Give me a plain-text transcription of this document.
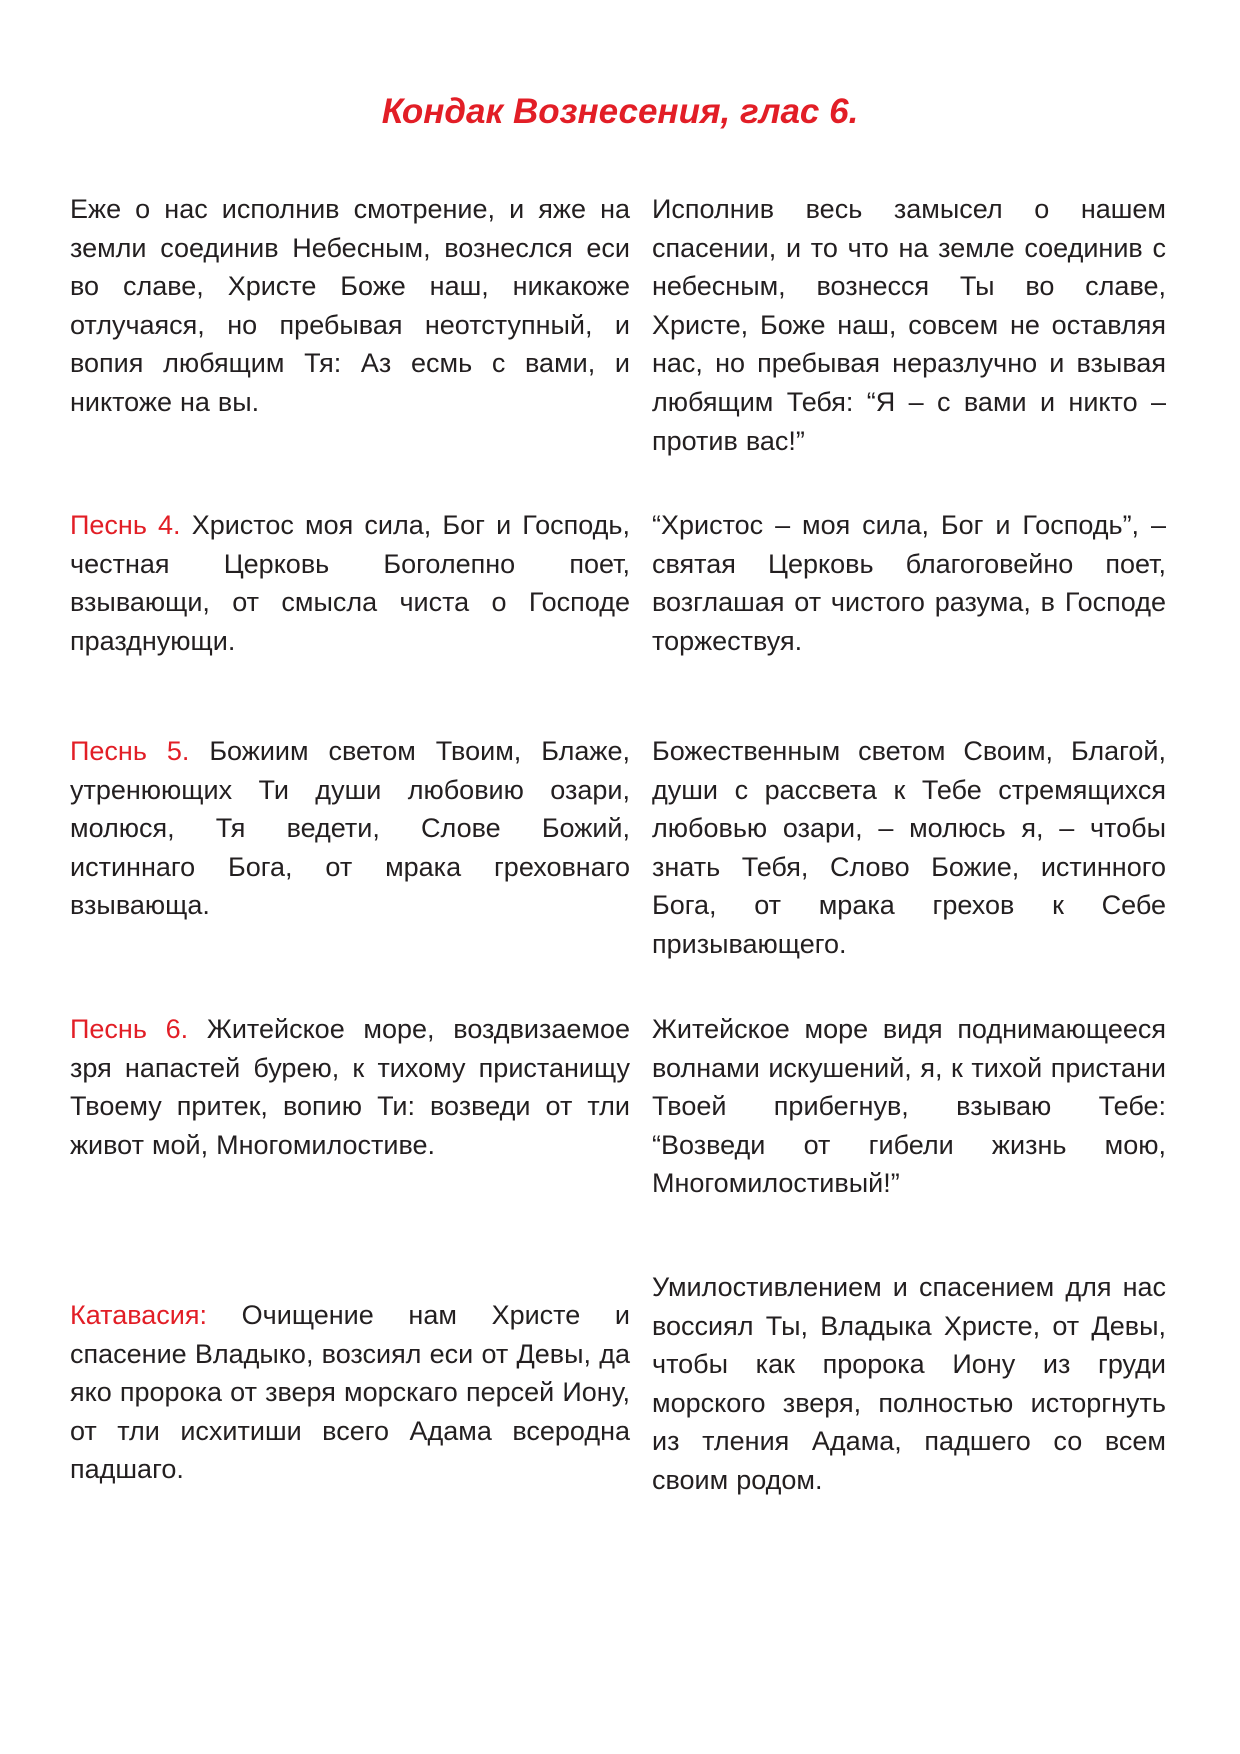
Кондак Вознесения, глас 6.

Еже о нас исполнив смотрение, и яже на земли соединив Небесным, вознеслся еси во славе, Христе Боже наш, никакоже отлучаяся, но пребывая неотступный, и вопия любящим Тя: Аз есмь с вами, и никтоже на вы.

Исполнив весь замысел о нашем спасении, и то что на земле соединив с небесным, вознесся Ты во славе, Христе, Боже наш, совсем не оставляя нас, но пребывая неразлучно и взывая любящим Тебя: “Я – с вами и никто – против вас!”

Песнь 4. Христос моя сила, Бог и Господь, честная Церковь Боголепно поет, взывающи, от смысла чиста о Господе празднующи.

“Христос – моя сила, Бог и Господь”, – святая Церковь благоговейно поет, возглашая от чистого разума, в Господе торжествуя.

Песнь 5. Божиим светом Твоим, Блаже, утренюющих Ти души любовию озари, молюся, Тя ведети, Слове Божий, истиннаго Бога, от мрака греховнаго взывающа.

Божественным светом Своим, Благой, души с рассвета к Тебе стремящихся любовью озари, – молюсь я, – чтобы знать Тебя, Слово Божие, истинного Бога, от мрака грехов к Себе призывающего.

Песнь 6. Житейское море, воздвизаемое зря напастей бурею, к тихому пристанищу Твоему притек, вопию Ти: возведи от тли живот мой, Многомилостиве.

Житейское море видя поднимающееся волнами искушений, я, к тихой пристани Твоей прибегнув, взываю Тебе: “Возведи от гибели жизнь мою, Многомилостивый!”

Катавасия: Очищение нам Христе и спасение Владыко, возсиял еси от Девы, да яко пророка от зверя морскаго персей Иону, от тли исхитиши всего Адама всеродна падшаго.

Умилостивлением и спасением для нас воссиял Ты, Владыка Христе, от Девы, чтобы как пророка Иону из груди морского зверя, полностью исторгнуть из тления Адама, падшего со всем своим родом.
